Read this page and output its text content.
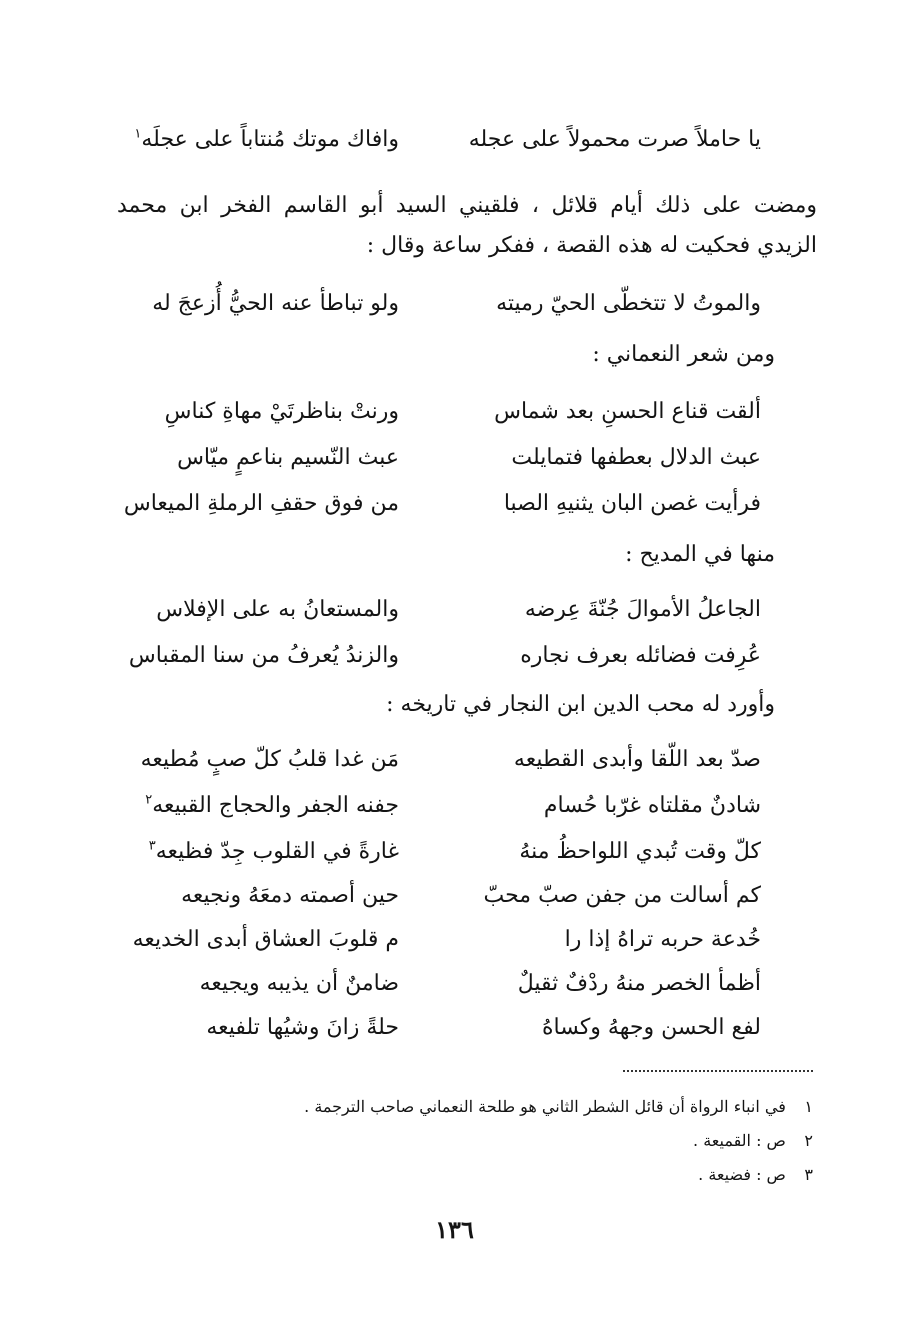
يا حاملاً صرت محمولاً على عجله
وافاك موتك مُنتاباً على عجلَه$^١$
ومضت على ذلك أيام قلائل ، فلقيني السيد أبو القاسم الفخر ابن محمد الزيدي فحكيت له هذه القصة ، ففكر ساعة وقال :
والموتُ لا تتخطّى الحيّ رميته
ولو تباطأ عنه الحيُّ أُزعجَ له
ومن شعر النعماني :
ألقت قناع الحسنِ بعد شماس
ورنتْ بناظرتَيْ مهاةِ كناسِ
عبث الدلال بعطفها فتمايلت
عبث النّسيم بناعمٍ ميّاس
فرأيت غصن البان يثنيهِ الصبا
من فوق حقفِ الرملةِ الميعاس
منها في المديح :
الجاعلُ الأموالَ جُنّةَ عِرضه
والمستعانُ به على الإفلاس
عُرِفت فضائله بعرف نجاره
والزندُ يُعرفُ من سنا المقباس
وأورد له محب الدين ابن النجار في تاريخه :
صدّ بعد اللّقا وأبدى القطيعه
مَن غدا قلبُ كلّ صبٍ مُطيعه
شادنٌ مقلتاه غرّبا حُسام
جفنه الجفر والحجاج القبيعه$^٢$
كلّ وقت تُبدي اللواحظُ منهُ
غارةً في القلوب جِدّ فظيعه$^٣$
كم أسالت من جفن صبّ محبّ
حين أصمته دمعَهُ ونجيعه
خُدعة حربه تراهُ إذا را
م قلوبَ العشاق أبدى الخديعه
أظمأ الخصر منهُ ردْفٌ ثقيلٌ
ضامنٌ أن يذيبه ويجيعه
لفع الحسن وجههُ وكساهُ
حلةً زانَ وشيُها تلفيعه
١ في انباء الرواة أن قائل الشطر الثاني هو طلحة النعماني صاحب الترجمة .
٢ ص : القميعة .
٣ ص : فضيعة .
١٣٦
